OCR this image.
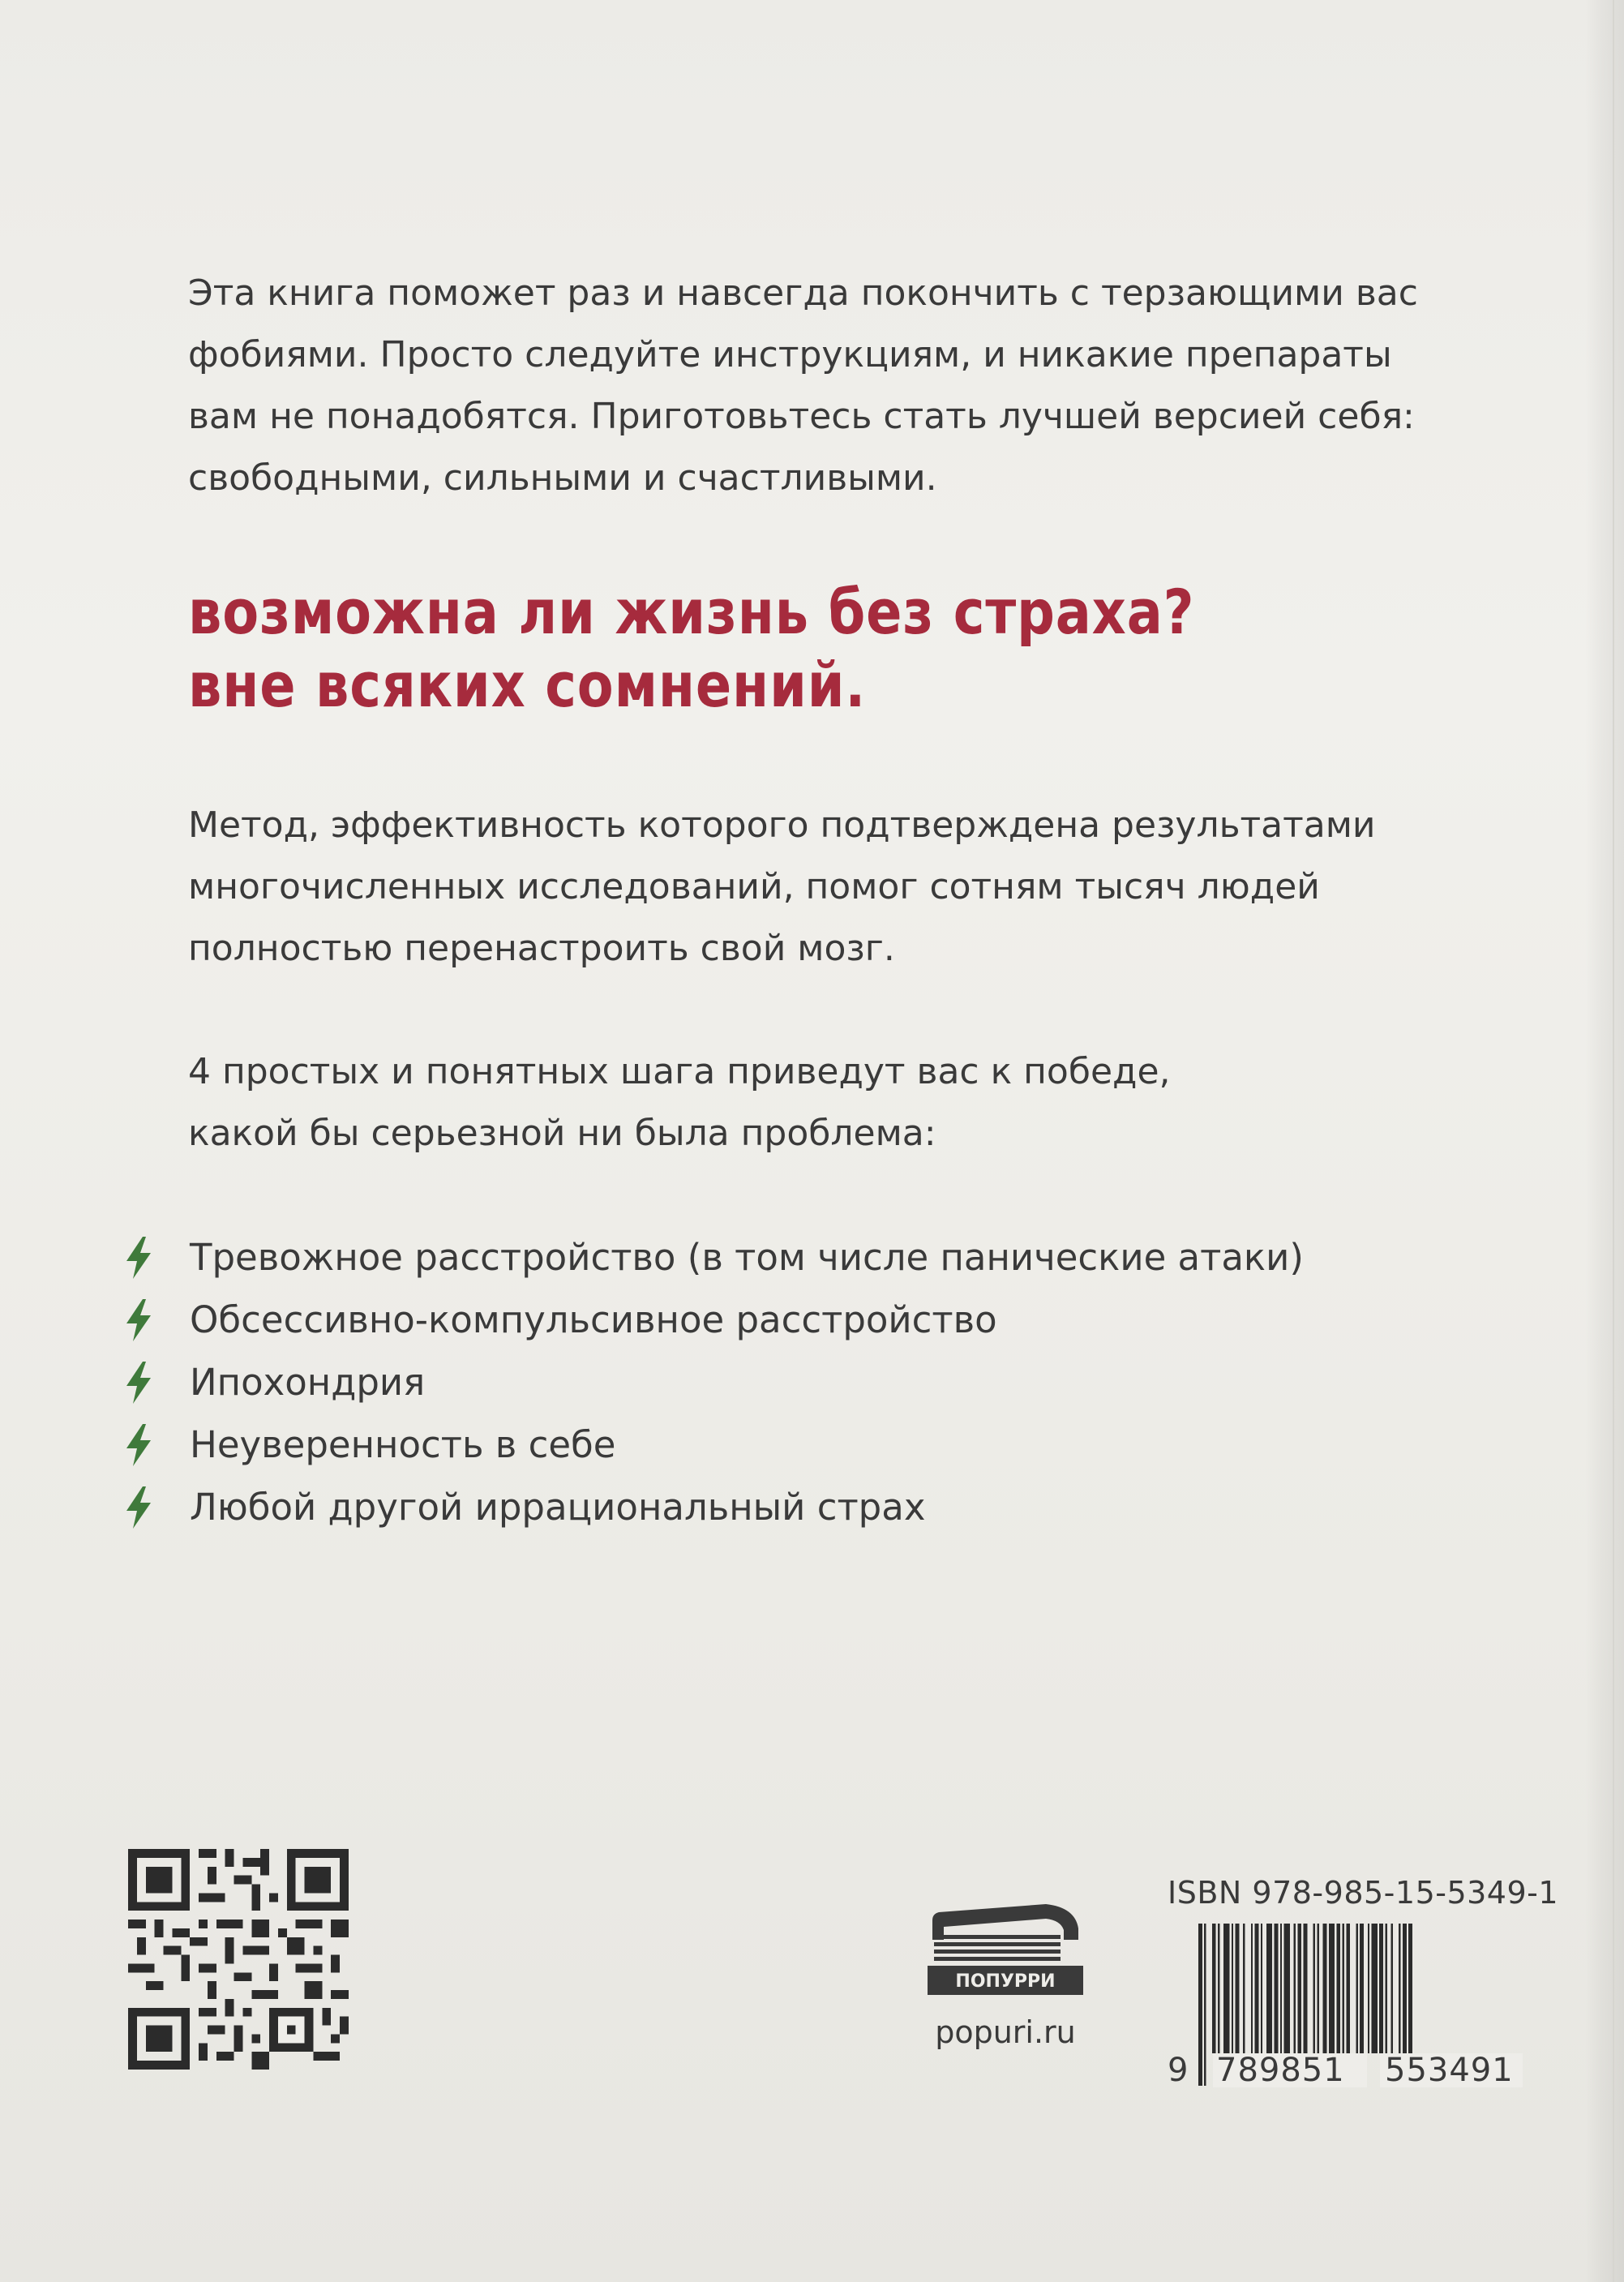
Эта книга поможет раз и навсегда покончить с терзающими вас
фобиями. Просто следуйте инструкциям, и никакие препараты
вам не понадобятся. Приготовьтесь стать лучшей версией себя:
свободными, сильными и счастливыми.
возможна ли жизнь без страха?
вне всяких сомнений.
Метод, эффективность которого подтверждена результатами
многочисленных исследований, помог сотням тысяч людей
полностью перенастроить свой мозг.
4 простых и понятных шага приведут вас к победе,
какой бы серьезной ни была проблема:
Тревожное расстройство (в том числе панические атаки)
Обсессивно-компульсивное расстройство
Ипохондрия
Неуверенность в себе
Любой другой иррациональный страх
ПОПУРРИ
popuri.ru
ISBN 978-985-15-5349-1
9 789851 553491
